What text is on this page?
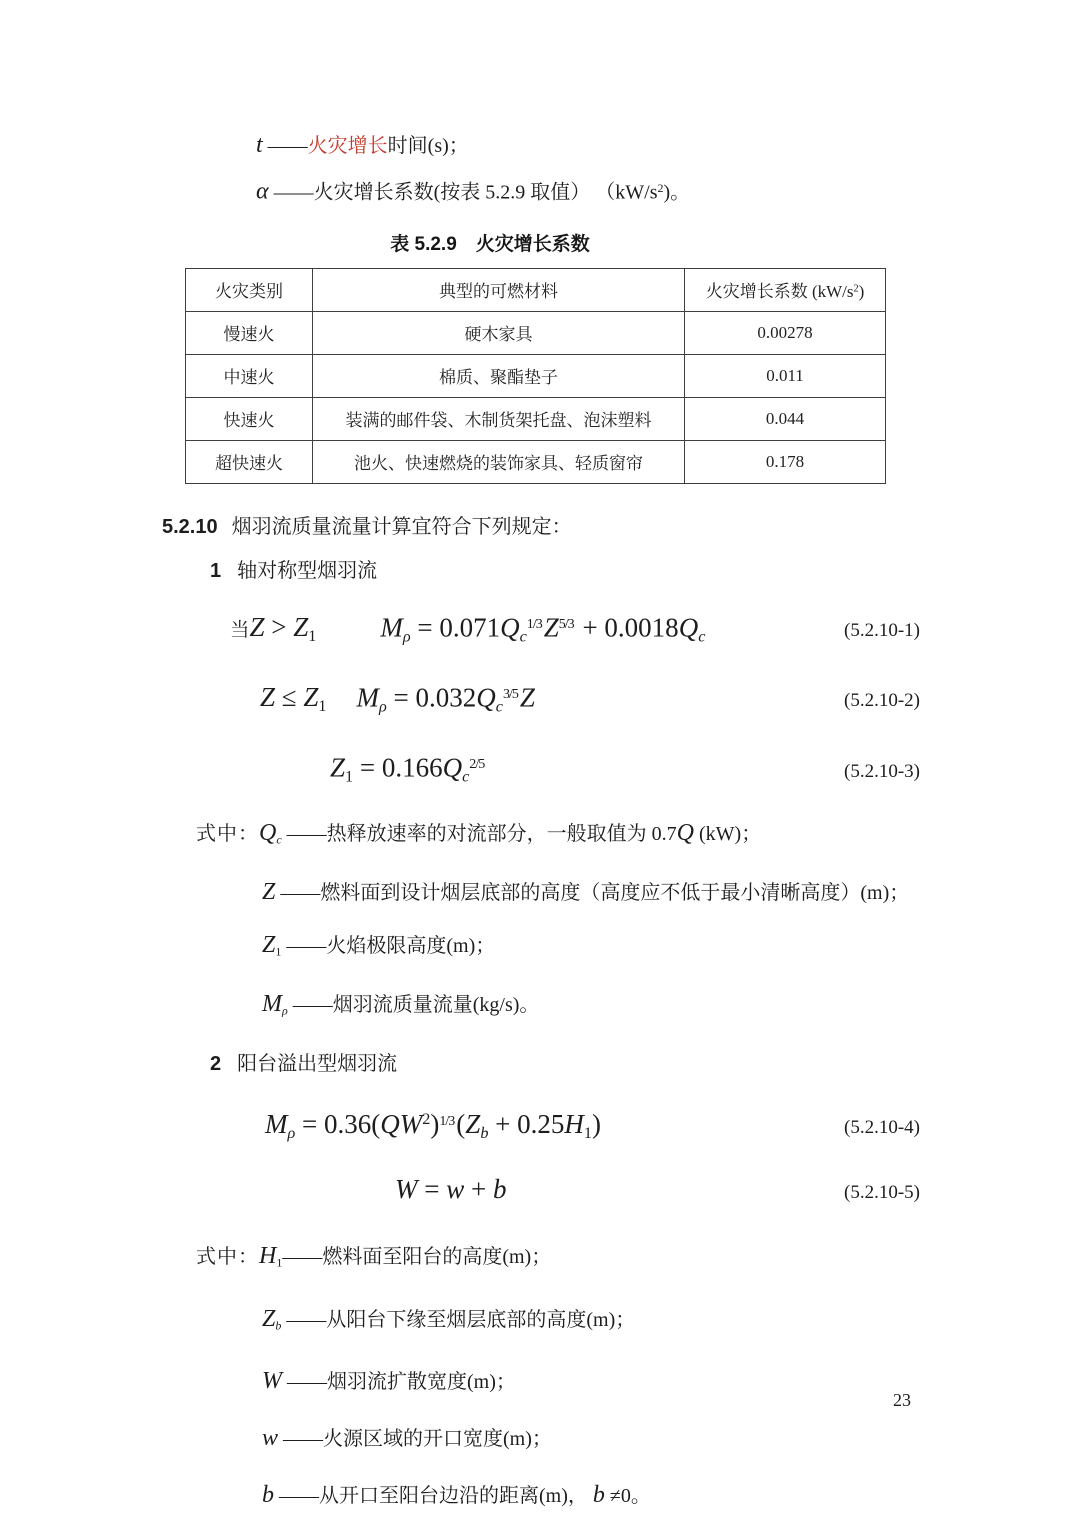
t ——火灾增长时间(s)；

α ——火灾增长系数(按表 5.2.9 取值） $(kW/s^2)$。

表 5.2.9　火灾增长系数
火灾类别	典型的可燃材料	火灾增长系数 $(kW/s^2)$
慢速火	硬木家具	0.00278
中速火	棉质、聚酯垫子	0.011
快速火	装满的邮件袋、木制货架托盘、泡沫塑料	0.044
超快速火	池火、快速燃烧的装饰家具、轻质窗帘	0.178

5.2.10 烟羽流质量流量计算宜符合下列规定：

1 轴对称型烟羽流

当Z > Z1 $M\rho = 0.071Qc^{1/3}Z^{5/3} + 0.0018Qc$	(5.2.10-1)
Z ≤ Z1 $M\rho = 0.032Qc^{3/5}Z$	(5.2.10-2)
$Z1 = 0.166Qc^{2/5}$	(5.2.10-3)

式中：Qc ——热释放速率的对流部分，一般取值为 0.7Q (kW)；

Z ——燃料面到设计烟层底部的高度（高度应不低于最小清晰高度）(m)；

Z1 ——火焰极限高度(m)；

Mρ ——烟羽流质量流量(kg/s)。

2 阳台溢出型烟羽流

$M\rho = 0.36(QW^2)^{1/3}(Zb + 0.25H1)$	(5.2.10-4)
W = w + b	(5.2.10-5)

式中：H1——燃料面至阳台的高度(m)；

Zb ——从阳台下缘至烟层底部的高度(m)；

W ——烟羽流扩散宽度(m)；

w ——火源区域的开口宽度(m)；

b ——从开口至阳台边沿的距离(m)， b ≠0。

23
